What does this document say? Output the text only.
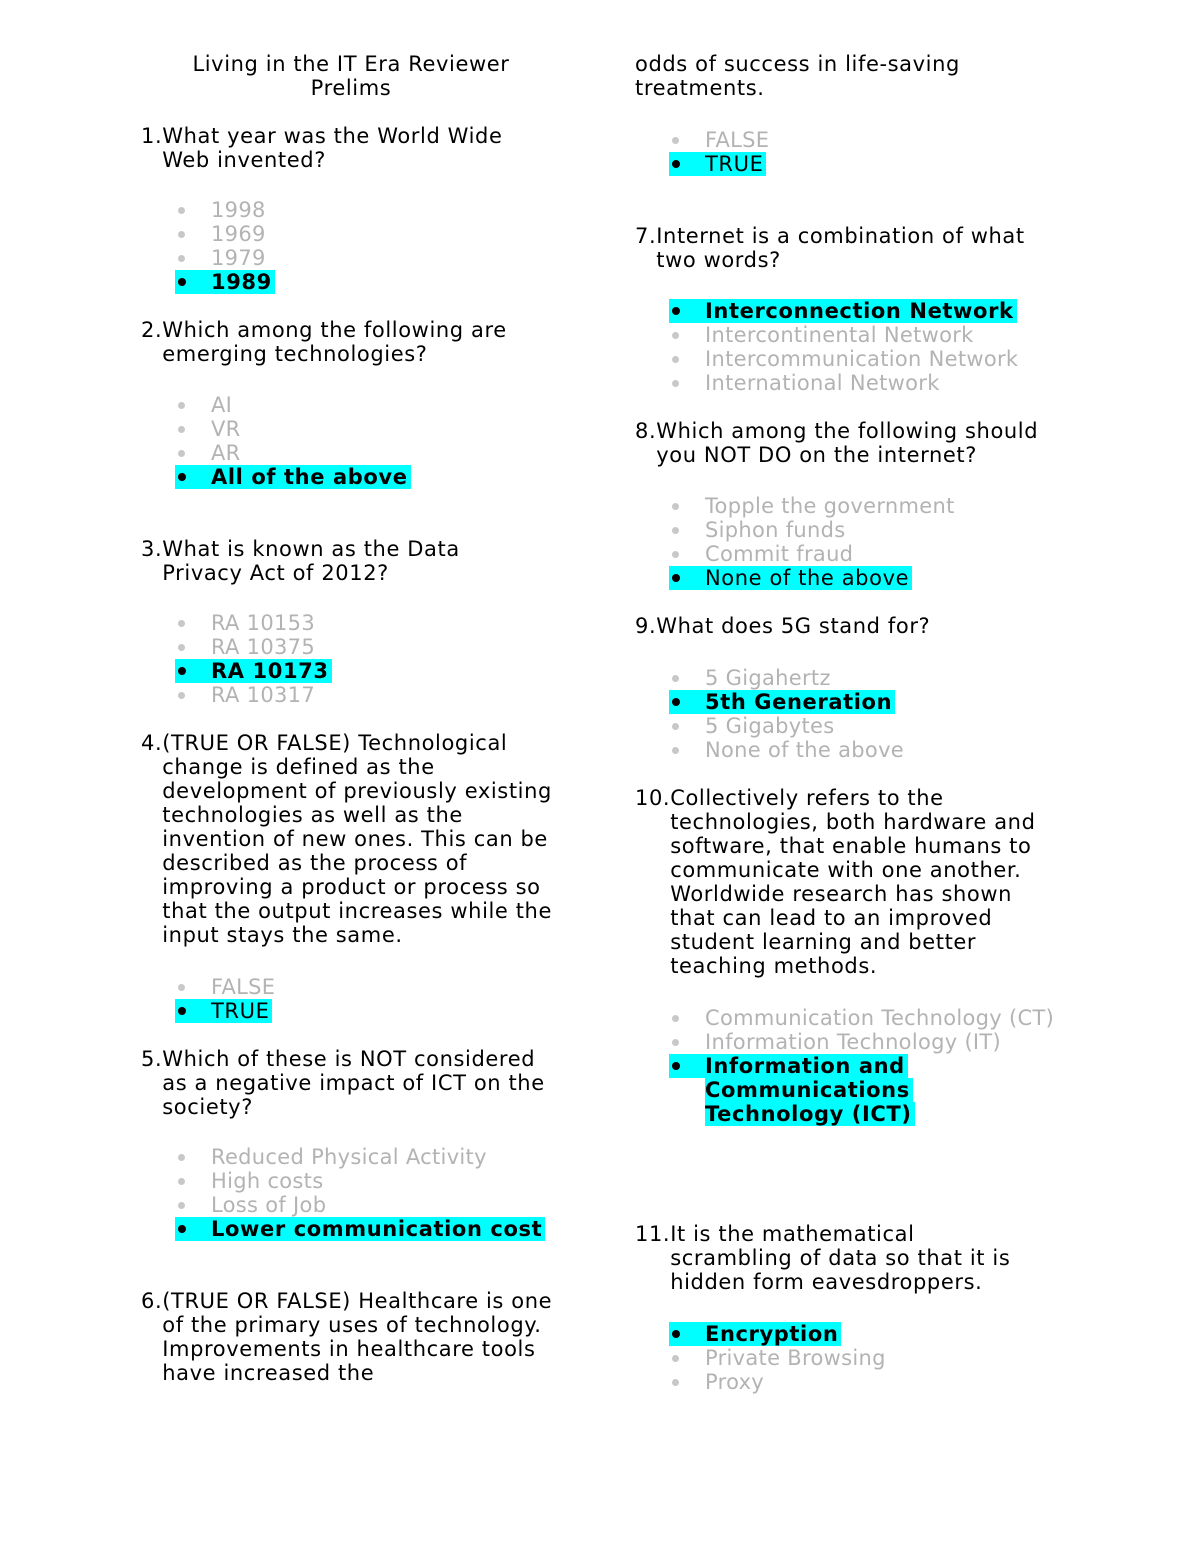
Living in the IT Era Reviewer
Prelims
1. What year was the World Wide Web invented?
1998
1969
1979
1989
2. Which among the following are emerging technologies?
AI
VR
AR
All of the above
3. What is known as the Data Privacy Act of 2012?
RA 10153
RA 10375
RA 10173
RA 10317
4. (TRUE OR FALSE) Technological change is defined as the development of previously existing technologies as well as the invention of new ones. This can be described as the process of improving a product or process so that the output increases while the input stays the same.
FALSE
TRUE
5. Which of these is NOT considered as a negative impact of ICT on the society?
Reduced Physical Activity
High costs
Loss of Job
Lower communication cost
6. (TRUE OR FALSE) Healthcare is one of the primary uses of technology. Improvements in healthcare tools have increased the
odds of success in life-saving treatments.
FALSE
TRUE
7. Internet is a combination of what two words?
Interconnection Network
Intercontinental Network
Intercommunication Network
International Network
8. Which among the following should you NOT DO on the internet?
Topple the government
Siphon funds
Commit fraud
None of the above
9. What does 5G stand for?
5 Gigahertz
5th Generation
5 Gigabytes
None of the above
10. Collectively refers to the technologies, both hardware and software, that enable humans to communicate with one another. Worldwide research has shown that can lead to an improved student learning and better teaching methods.
Communication Technology (CT)
Information Technology (IT)
Information and Communications Technology (ICT)
11. It is the mathematical scrambling of data so that it is hidden form eavesdroppers.
Encryption
Private Browsing
Proxy
